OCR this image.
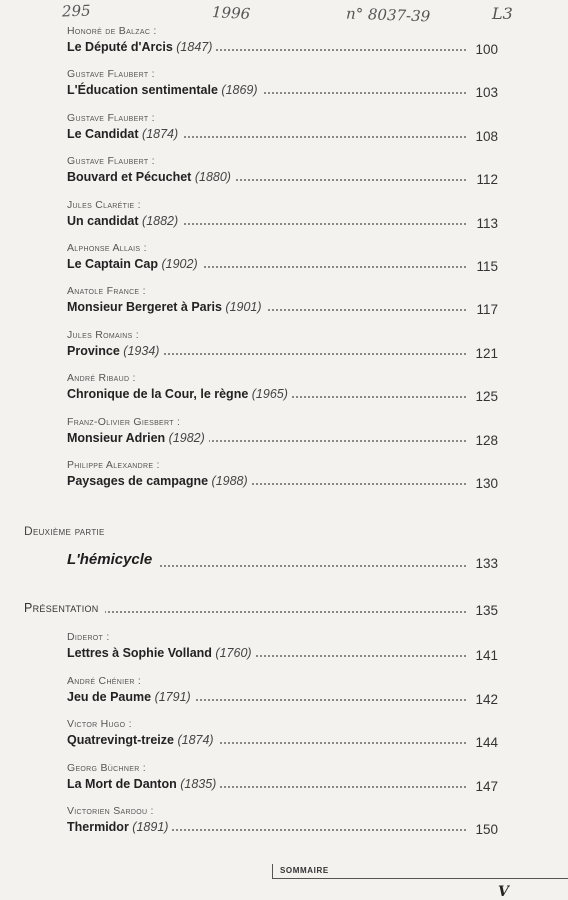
295	1996	n° 8037-39	L3
Honoré de Balzac :
Le Député d'Arcis (1847)	100
Gustave Flaubert :
L'Éducation sentimentale (1869)	103
Gustave Flaubert :
Le Candidat (1874)	108
Gustave Flaubert :
Bouvard et Pécuchet (1880)	112
Jules Clarétie :
Un candidat (1882)	113
Alphonse Allais :
Le Captain Cap (1902)	115
Anatole France :
Monsieur Bergeret à Paris (1901)	117
Jules Romains :
Province (1934)	121
André Ribaud :
Chronique de la Cour, le règne (1965)	125
Franz-Olivier Giesbert :
Monsieur Adrien (1982)	128
Philippe Alexandre :
Paysages de campagne (1988)	130
Deuxième partie
L'hémicycle	133
Présentation	135
Diderot :
Lettres à Sophie Volland (1760)	141
André Chénier :
Jeu de Paume (1791)	142
Victor Hugo :
Quatrevingt-treize (1874)	144
Georg Büchner :
La Mort de Danton (1835)	147
Victorien Sardou :
Thermidor (1891)	150
SOMMAIRE
V
